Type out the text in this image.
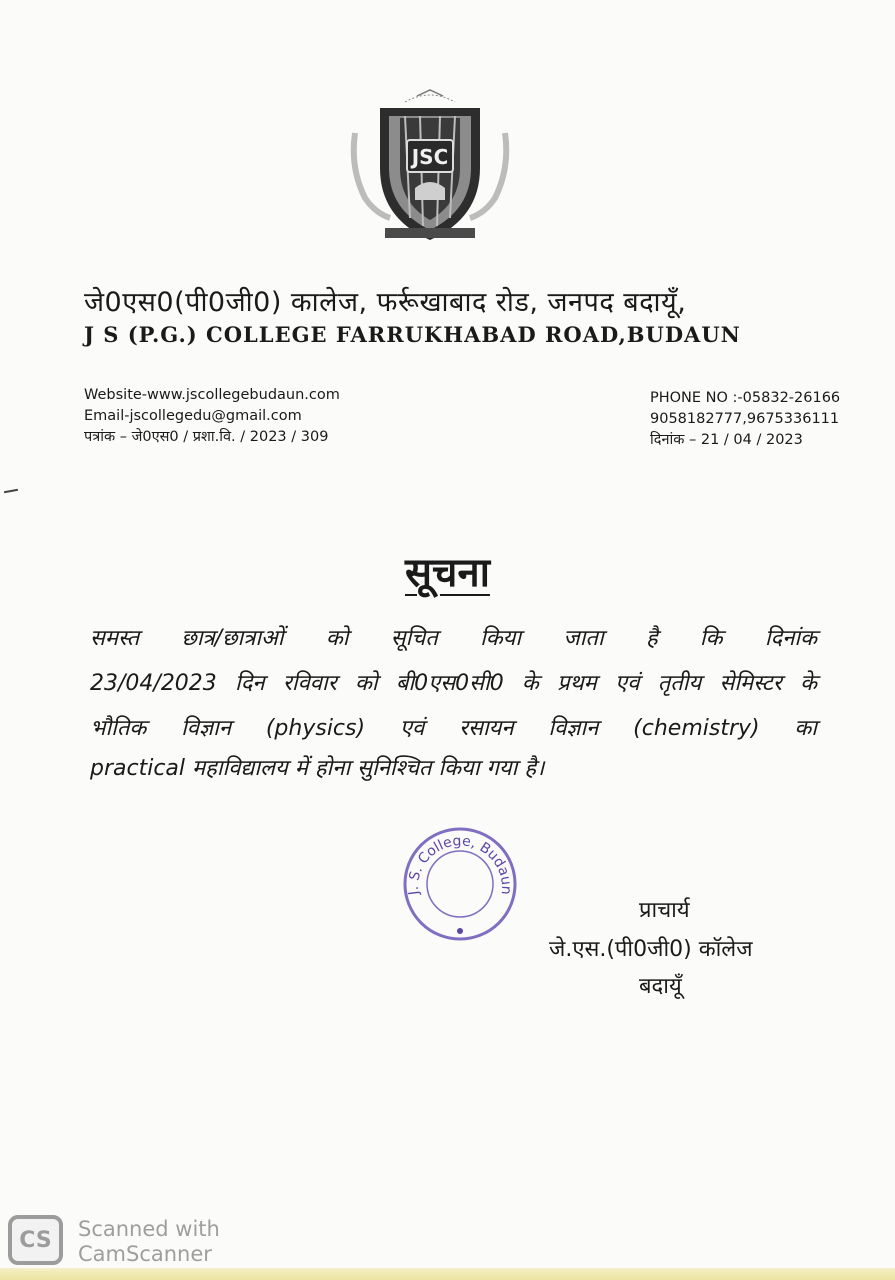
JSC
जे0एस0(पी0जी0) कालेज, फर्रूखाबाद रोड, जनपद बदायूँ,
J S (P.G.) COLLEGE FARRUKHABAD ROAD,BUDAUN
Website-www.jscollegebudaun.com
Email-jscollegedu@gmail.com
पत्रांक – जे0एस0 / प्रशा.वि. / 2023 / 309
PHONE NO :-05832-26166
9058182777,9675336111
दिनांक – 21 / 04 / 2023
सूचना
समस्त छात्र/छात्राओं को सूचित किया जाता है कि दिनांक
23/04/2023 दिन रविवार को बी0एस0सी0 के प्रथम एवं तृतीय सेमिस्टर के
भौतिक विज्ञान (physics) एवं रसायन विज्ञान (chemistry) का
practical महाविद्यालय में होना सुनिश्चित किया गया है।
J. S. College, Budaun
प्राचार्य
जे.एस.(पी0जी0) कॉलेज
बदायूँ
CS	Scanned with
CamScanner
